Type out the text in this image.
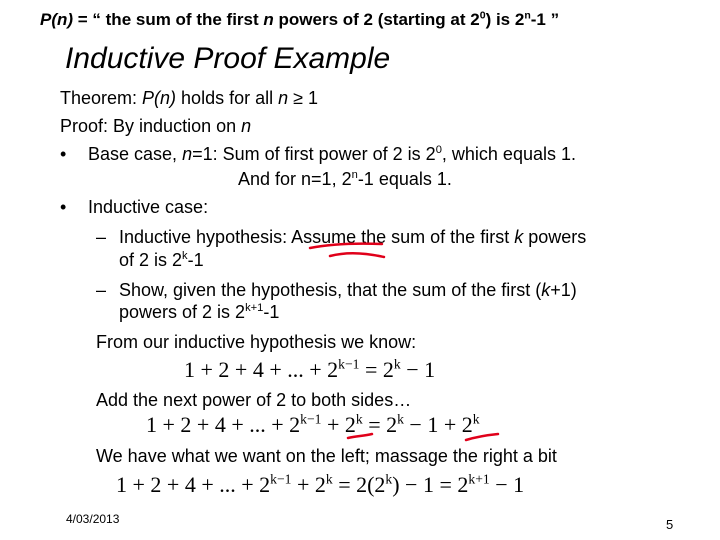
P(n) = “ the sum of the first n powers of 2 (starting at $2^0$) is 2$^n$-1 ”
Inductive Proof Example
Theorem: P(n) holds for all n ≥ 1
Proof: By induction on n
• Base case, n=1: Sum of first power of 2 is $2^0$, which equals 1.
And for n=1, 2$^n$-1 equals 1.
• Inductive case:
– Inductive hypothesis: Assume the sum of the first k powers
of 2 is 2$^k$-1
– Show, given the hypothesis, that the sum of the first (k+1)
powers of 2 is $2^{k+1}-1$
From our inductive hypothesis we know:
1 + 2 + 4 + ... + $2^{k-1} = 2^k - 1$
Add the next power of 2 to both sides…
1 + 2 + 4 + ... + $2^{k-1} + 2^k = 2^k - 1 + 2^k$
We have what we want on the left; massage the right a bit
1 + 2 + 4 + ... + $2^{k-1} + 2^k = 2(2^k) - 1 = 2^{k+1} - 1$
4/03/2013	5
